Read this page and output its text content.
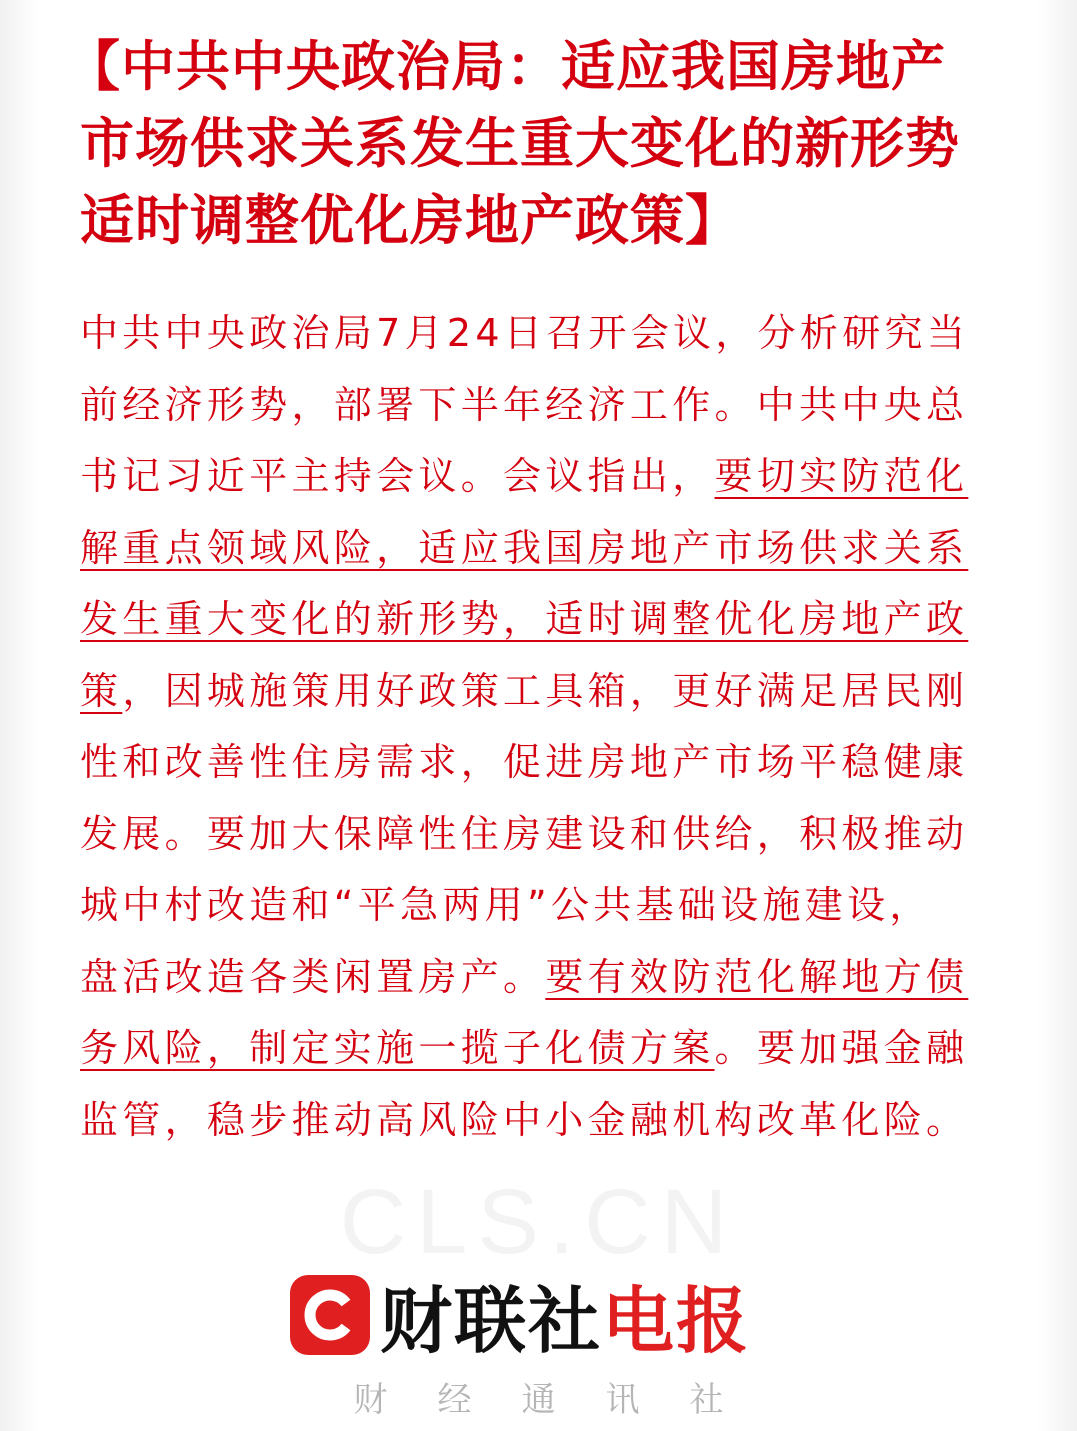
【中共中央政治局：适应我国房地产
市场供求关系发生重大变化的新形势
适时调整优化房地产政策】

中共中央政治局7月24日召开会议，分析研究当
前经济形势，部署下半年经济工作。中共中央总
书记习近平主持会议。会议指出，要切实防范化
解重点领域风险，适应我国房地产市场供求关系
发生重大变化的新形势，适时调整优化房地产政
策，因城施策用好政策工具箱，更好满足居民刚
性和改善性住房需求，促进房地产市场平稳健康
发展。要加大保障性住房建设和供给，积极推动
城中村改造和“平急两用”公共基础设施建设，
盘活改造各类闲置房产。要有效防范化解地方债
务风险，制定实施一揽子化债方案。要加强金融
监管，稳步推动高风险中小金融机构改革化险。

CLS.CN
财联社 电报
财经通讯社
